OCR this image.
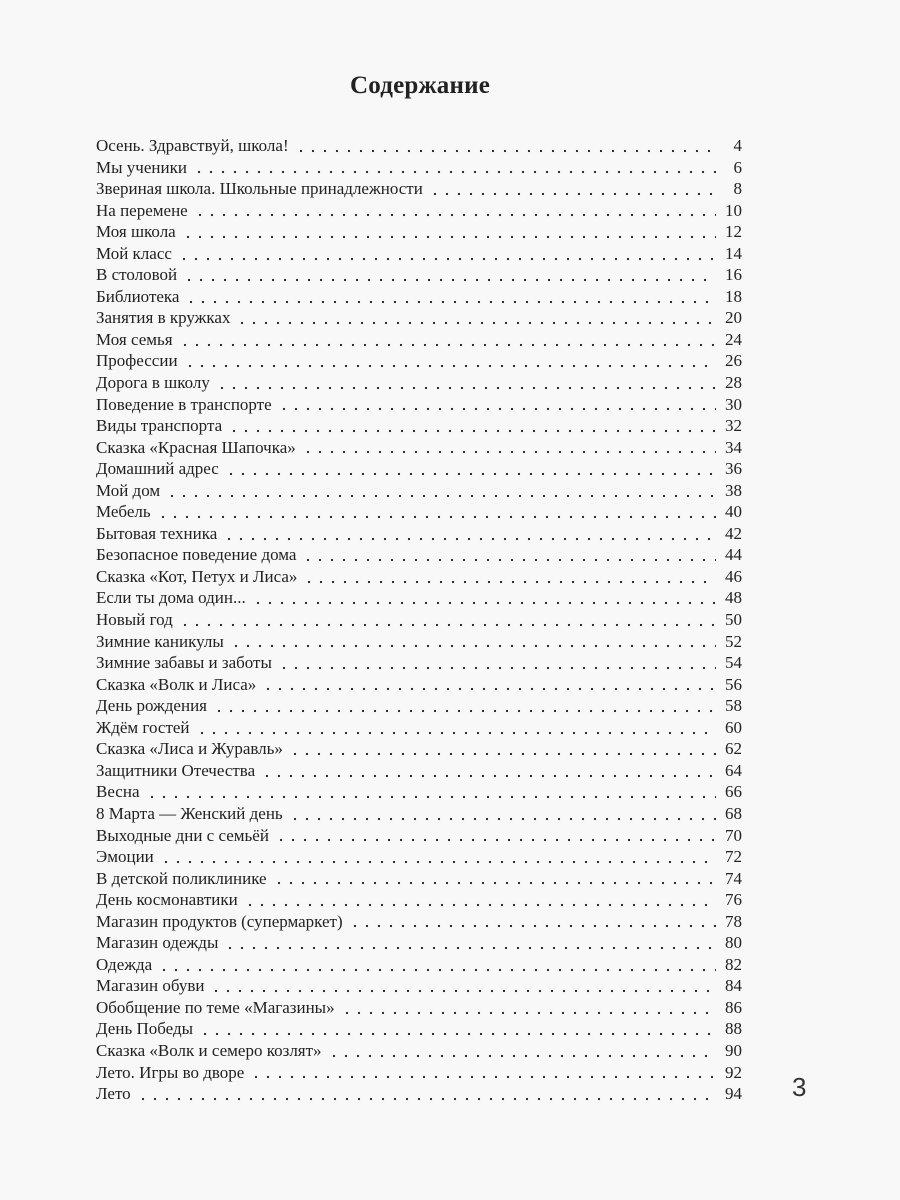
Содержание
Осень. Здравствуй, школа!	4
Мы ученики	6
Звериная школа. Школьные принадлежности	8
На перемене	10
Моя школа	12
Мой класс	14
В столовой	16
Библиотека	18
Занятия в кружках	20
Моя семья	24
Профессии	26
Дорога в школу	28
Поведение в транспорте	30
Виды транспорта	32
Сказка «Красная Шапочка»	34
Домашний адрес	36
Мой дом	38
Мебель	40
Бытовая техника	42
Безопасное поведение дома	44
Сказка «Кот, Петух и Лиса»	46
Если ты дома один...	48
Новый год	50
Зимние каникулы	52
Зимние забавы и заботы	54
Сказка «Волк и Лиса»	56
День рождения	58
Ждём гостей	60
Сказка «Лиса и Журавль»	62
Защитники Отечества	64
Весна	66
8 Марта — Женский день	68
Выходные дни с семьёй	70
Эмоции	72
В детской поликлинике	74
День космонавтики	76
Магазин продуктов (супермаркет)	78
Магазин одежды	80
Одежда	82
Магазин обуви	84
Обобщение по теме «Магазины»	86
День Победы	88
Сказка «Волк и семеро козлят»	90
Лето. Игры во дворе	92
Лето	94 3
